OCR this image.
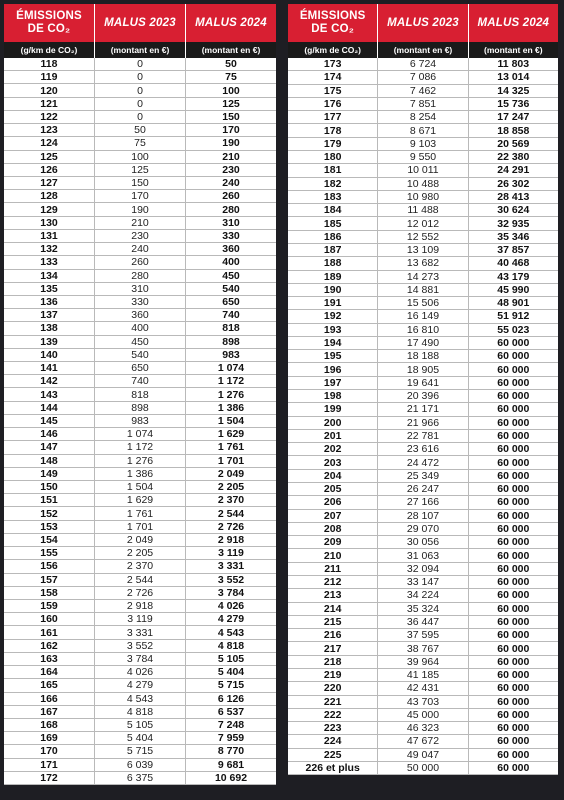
ÉMISSIONS
DE CO₂
MALUS 2023	MALUS 2024
(g/km de CO₂)	(montant en €)	(montant en €)
118	0	50
119	0	75
120	0	100
121	0	125
122	0	150
123	50	170
124	75	190
125	100	210
126	125	230
127	150	240
128	170	260
129	190	280
130	210	310
131	230	330
132	240	360
133	260	400
134	280	450
135	310	540
136	330	650
137	360	740
138	400	818
139	450	898
140	540	983
141	650	1 074
142	740	1 172
143	818	1 276
144	898	1 386
145	983	1 504
146	1 074	1 629
147	1 172	1 761
148	1 276	1 701
149	1 386	2 049
150	1 504	2 205
151	1 629	2 370
152	1 761	2 544
153	1 701	2 726
154	2 049	2 918
155	2 205	3 119
156	2 370	3 331
157	2 544	3 552
158	2 726	3 784
159	2 918	4 026
160	3 119	4 279
161	3 331	4 543
162	3 552	4 818
163	3 784	5 105
164	4 026	5 404
165	4 279	5 715
166	4 543	6 126
167	4 818	6 537
168	5 105	7 248
169	5 404	7 959
170	5 715	8 770
171	6 039	9 681
172	6 375	10 692
ÉMISSIONS
DE CO₂
MALUS 2023	MALUS 2024
(g/km de CO₂)	(montant en €)	(montant en €)
173	6 724	11 803
174	7 086	13 014
175	7 462	14 325
176	7 851	15 736
177	8 254	17 247
178	8 671	18 858
179	9 103	20 569
180	9 550	22 380
181	10 011	24 291
182	10 488	26 302
183	10 980	28 413
184	11 488	30 624
185	12 012	32 935
186	12 552	35 346
187	13 109	37 857
188	13 682	40 468
189	14 273	43 179
190	14 881	45 990
191	15 506	48 901
192	16 149	51 912
193	16 810	55 023
194	17 490	60 000
195	18 188	60 000
196	18 905	60 000
197	19 641	60 000
198	20 396	60 000
199	21 171	60 000
200	21 966	60 000
201	22 781	60 000
202	23 616	60 000
203	24 472	60 000
204	25 349	60 000
205	26 247	60 000
206	27 166	60 000
207	28 107	60 000
208	29 070	60 000
209	30 056	60 000
210	31 063	60 000
211	32 094	60 000
212	33 147	60 000
213	34 224	60 000
214	35 324	60 000
215	36 447	60 000
216	37 595	60 000
217	38 767	60 000
218	39 964	60 000
219	41 185	60 000
220	42 431	60 000
221	43 703	60 000
222	45 000	60 000
223	46 323	60 000
224	47 672	60 000
225	49 047	60 000
226 et plus	50 000	60 000
